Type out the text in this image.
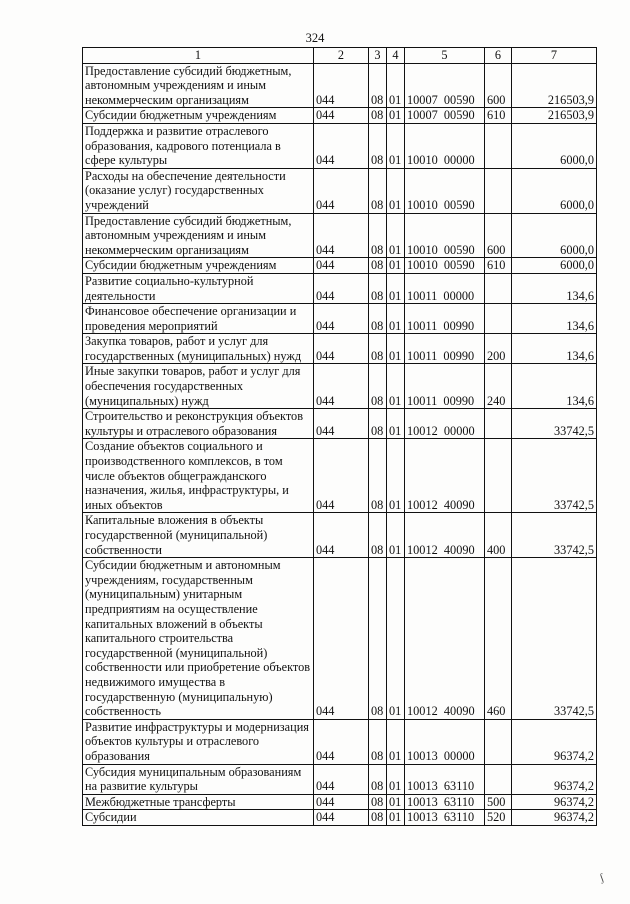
324
1	2	3	4	5	6	7
Предоставление субсидий бюджетным, автономным учреждениям и иным некоммерческим организациям	044	08	01	10007  00590	600	216503,9
Субсидии бюджетным учреждениям	044	08	01	10007  00590	610	216503,9
Поддержка и развитие отраслевого образования, кадрового потенциала в сфере культуры	044	08	01	10010  00000		6000,0
Расходы на обеспечение деятельности (оказание услуг) государственных учреждений	044	08	01	10010  00590		6000,0
Предоставление субсидий бюджетным, автономным учреждениям и иным некоммерческим организациям	044	08	01	10010  00590	600	6000,0
Субсидии бюджетным учреждениям	044	08	01	10010  00590	610	6000,0
Развитие социально-культурной деятельности	044	08	01	10011  00000		134,6
Финансовое обеспечение организации и проведения мероприятий	044	08	01	10011  00990		134,6
Закупка товаров, работ и услуг для государственных (муниципальных) нужд	044	08	01	10011  00990	200	134,6
Иные закупки товаров, работ и услуг для обеспечения государственных (муниципальных) нужд	044	08	01	10011  00990	240	134,6
Строительство и реконструкция объектов культуры и отраслевого образования	044	08	01	10012  00000		33742,5
Создание объектов социального и производственного комплексов, в том числе объектов общегражданского назначения, жилья, инфраструктуры, и иных объектов	044	08	01	10012  40090		33742,5
Капитальные вложения в объекты государственной (муниципальной) собственности	044	08	01	10012  40090	400	33742,5
Субсидии бюджетным и автономным учреждениям, государственным (муниципальным) унитарным предприятиям на осуществление капитальных вложений в объекты капитального строительства государственной (муниципальной) собственности или приобретение объектов недвижимого имущества в государственную (муниципальную) собственность	044	08	01	10012  40090	460	33742,5
Развитие инфраструктуры и модернизация объектов культуры и отраслевого образования	044	08	01	10013  00000		96374,2
Субсидия муниципальным образованиям на развитие культуры	044	08	01	10013  63110		96374,2
Межбюджетные трансферты	044	08	01	10013  63110	500	96374,2
Субсидии	044	08	01	10013  63110	520	96374,2
ʃ
